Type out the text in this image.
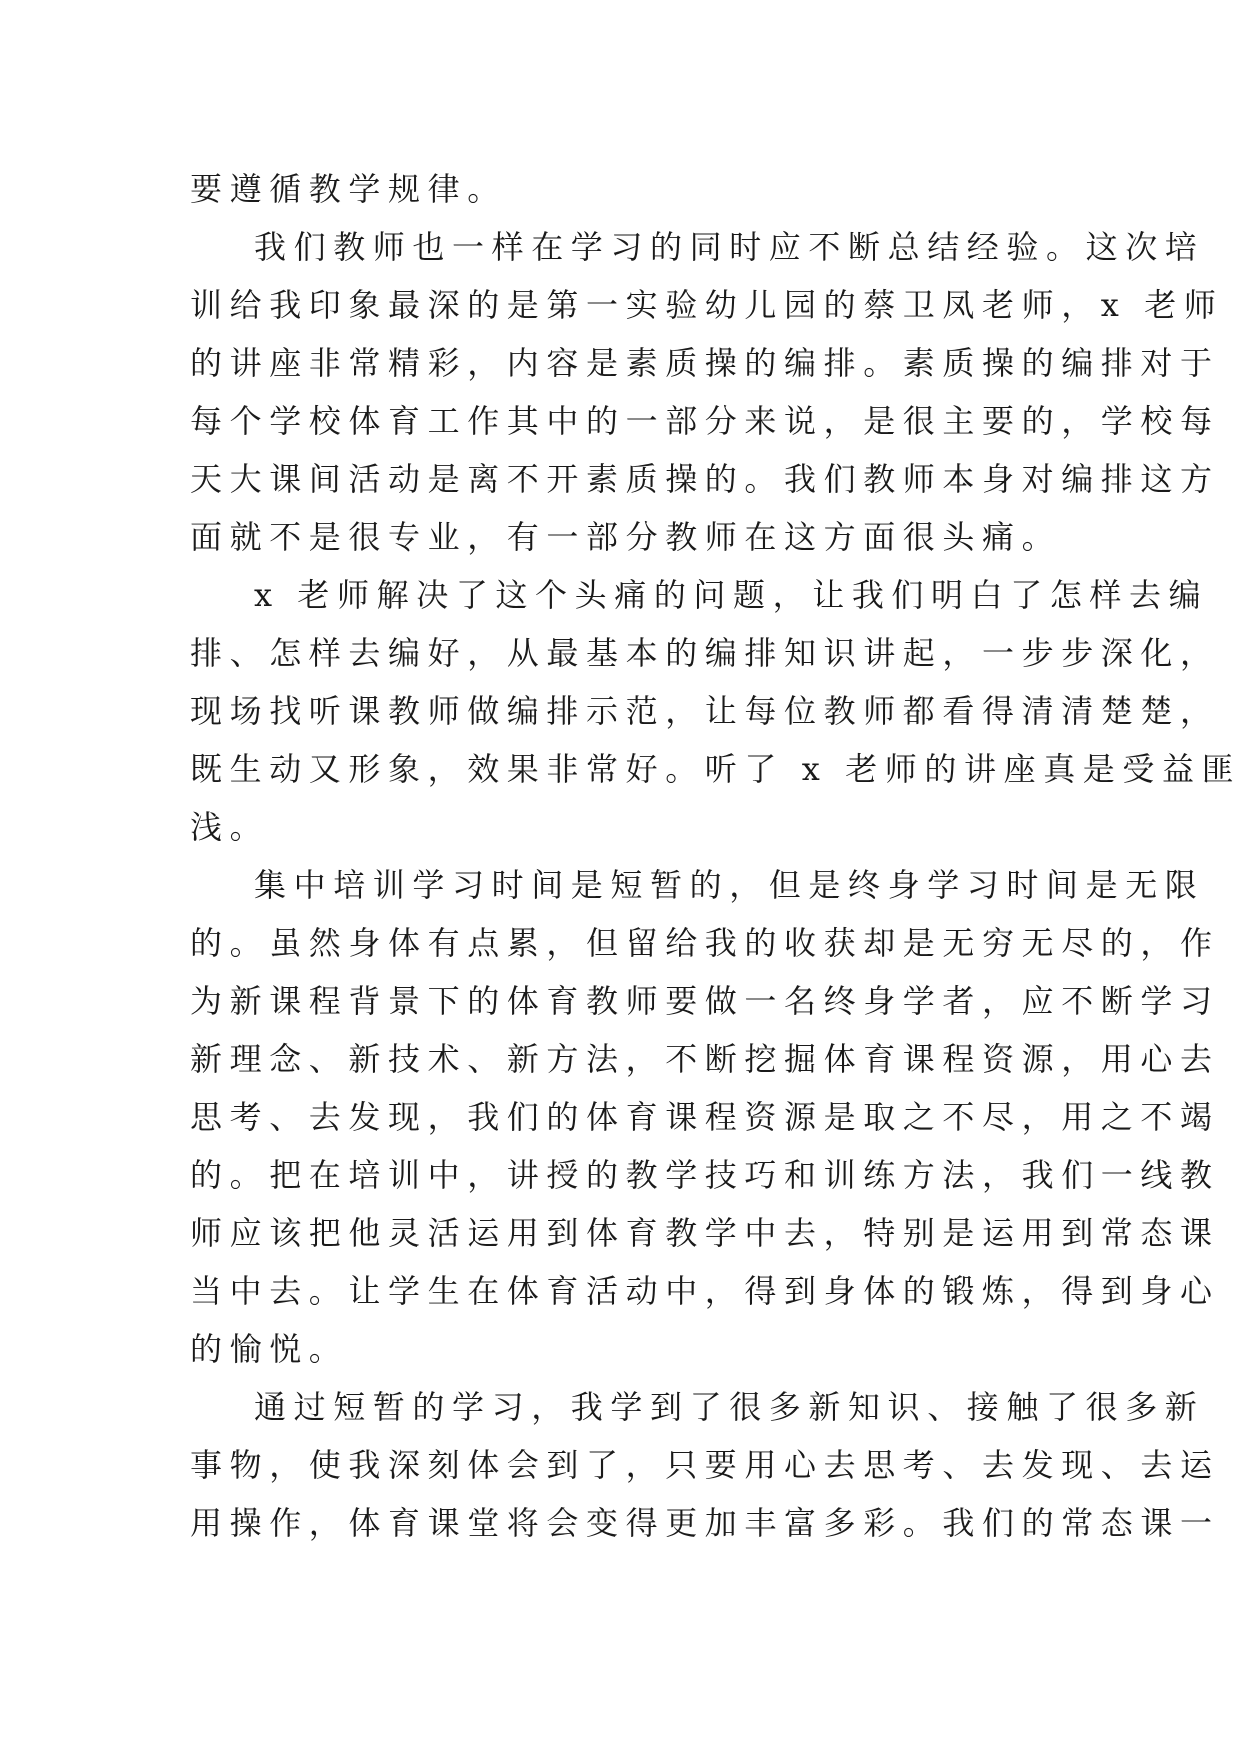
要遵循教学规律。
我们教师也一样在学习的同时应不断总结经验。这次培
训给我印象最深的是第一实验幼儿园的蔡卫凤老师，x 老师
的讲座非常精彩，内容是素质操的编排。素质操的编排对于
每个学校体育工作其中的一部分来说，是很主要的，学校每
天大课间活动是离不开素质操的。我们教师本身对编排这方
面就不是很专业，有一部分教师在这方面很头痛。
x 老师解决了这个头痛的问题，让我们明白了怎样去编
排、怎样去编好，从最基本的编排知识讲起，一步步深化，
现场找听课教师做编排示范，让每位教师都看得清清楚楚，
既生动又形象，效果非常好。听了 x 老师的讲座真是受益匪
浅。
集中培训学习时间是短暂的，但是终身学习时间是无限
的。虽然身体有点累，但留给我的收获却是无穷无尽的，作
为新课程背景下的体育教师要做一名终身学者，应不断学习
新理念、新技术、新方法，不断挖掘体育课程资源，用心去
思考、去发现，我们的体育课程资源是取之不尽，用之不竭
的。把在培训中，讲授的教学技巧和训练方法，我们一线教
师应该把他灵活运用到体育教学中去，特别是运用到常态课
当中去。让学生在体育活动中，得到身体的锻炼，得到身心
的愉悦。
通过短暂的学习，我学到了很多新知识、接触了很多新
事物，使我深刻体会到了，只要用心去思考、去发现、去运
用操作，体育课堂将会变得更加丰富多彩。我们的常态课一
